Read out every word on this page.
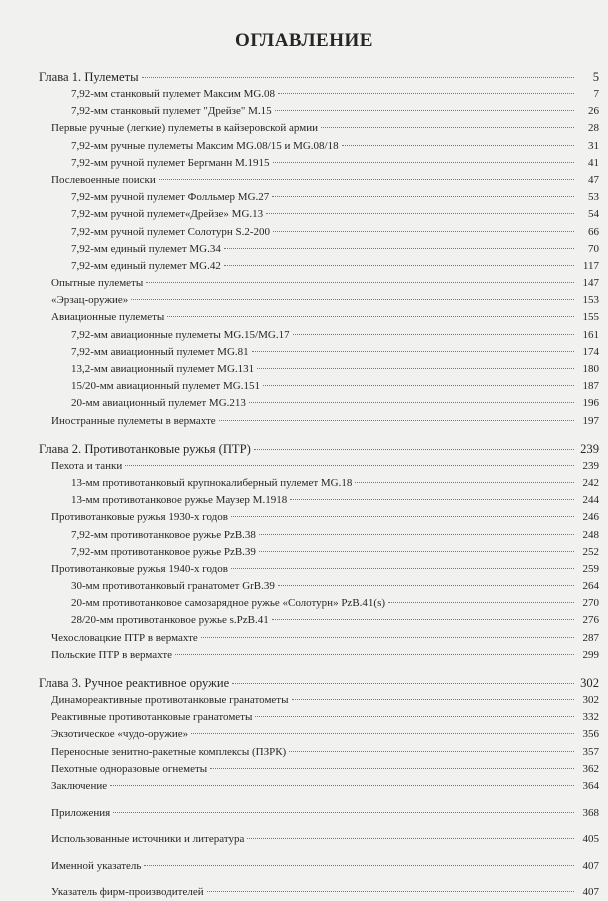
ОГЛАВЛЕНИЕ
Глава 1. Пулеметы	5
7,92-мм станковый пулемет Максим MG.08	7
7,92-мм станковый пулемет "Дрейзе" М.15	26
Первые ручные (легкие) пулеметы в кайзеровской армии	28
7,92-мм ручные пулеметы Максим MG.08/15 и MG.08/18	31
7,92-мм ручной пулемет Бергманн М.1915	41
Послевоенные поиски	47
7,92-мм ручной пулемет Фолльмер MG.27	53
7,92-мм ручной пулемет«Дрейзе» MG.13	54
7,92-мм ручной пулемет Солотурн S.2-200	66
7,92-мм единый пулемет MG.34	70
7,92-мм единый пулемет MG.42	117
Опытные пулеметы	147
«Эрзац-оружие»	153
Авиационные пулеметы	155
7,92-мм авиационные пулеметы MG.15/MG.17	161
7,92-мм авиационный пулемет MG.81	174
13,2-мм авиационный пулемет MG.131	180
15/20-мм авиационный пулемет MG.151	187
20-мм авиационный пулемет MG.213	196
Иностранные пулеметы в вермахте	197
Глава 2. Противотанковые ружья (ПТР)	239
Пехота и танки	239
13-мм противотанковый крупнокалиберный пулемет MG.18	242
13-мм противотанковое ружье Маузер М.1918	244
Противотанковые ружья 1930-х годов	246
7,92-мм противотанковое ружье PzB.38	248
7,92-мм противотанковое ружье PzB.39	252
Противотанковые ружья 1940-х годов	259
30-мм противотанковый гранатомет GrB.39	264
20-мм противотанковое самозарядное ружье «Солотурн» PzB.41(s)	270
28/20-мм противотанковое ружье s.PzB.41	276
Чехословацкие ПТР в вермахте	287
Польские ПТР в вермахте	299
Глава 3. Ручное реактивное оружие	302
Динамореактивные противотанковые гранатометы	302
Реактивные противотанковые гранатометы	332
Экзотическое «чудо-оружие»	356
Переносные зенитно-ракетные комплексы (ПЗРК)	357
Пехотные одноразовые огнеметы	362
Заключение	364
Приложения	368
Использованные источники и литература	405
Именной указатель	407
Указатель фирм-производителей	407
